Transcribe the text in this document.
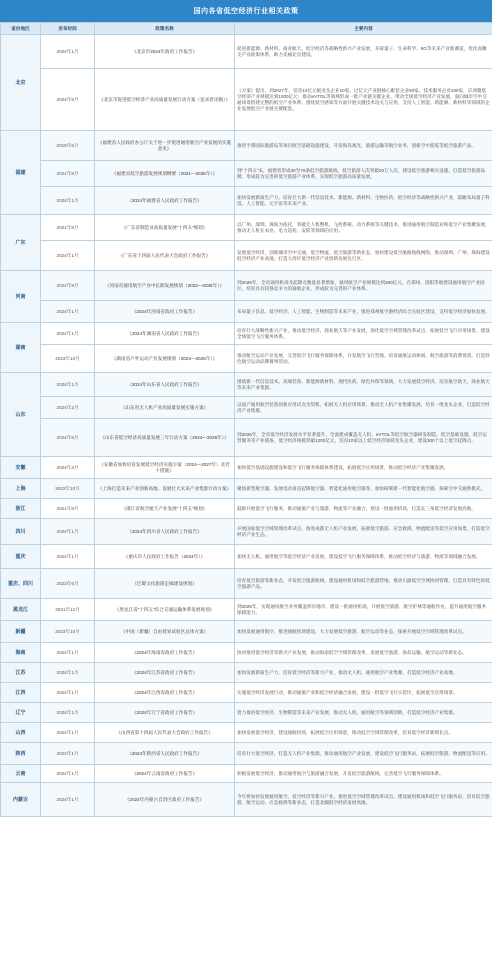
国内各省低空经济行业相关政策
省份地区	发布时间	政策名称	主要内容
北京	2024年1月	《北京市2024年政府工作报告》	促进新能源、新材料、商业航天、低空经济等战略性新兴产业发展，开辟量子、生命科学、6G等未来产业新赛道，优化高精尖产业政策体系，助力美丽北京建设。
	2024年5月	《北京市促进低空经济产业高质量发展行动方案（征求意见稿）》	《方案》提出，到2027年，培育10亿元级龙头企业10家、过亿元产业链核心配套企业50家、技术服务企业100家，京津冀低空经济产业规模达到1000亿元；推动eVTOL等领域形成一批产业链关键企业，带动全国低空经济产业发展，面向城市空中交通场景搭建完整的低空产业体系；围绕低空感知等方面开展关键技术攻关与应用，支持人工智能、新能源、新材料等领域的企业发展低空产业链关键配套。
福建	2019年6月	《福建省人民政府办公厅关于进一步促进通用航空产业发展的实施意见》	推进平潭国际旅游岛等项目航空基础设施建设，开发海岛观光、旅游运输等航空业务，创新空中游览等低空旅游产品。
	2021年8月	《福建省低空旅游发展规划纲要（2021—2035年）》	到“十四五”末，福建省形成30至70条低空旅游航线，低空旅游人次突破20万人次，建设低空旅游相关设施，打造低空旅游品牌，形成较为完善的低空旅游产业体系，实现低空旅游高质量发展。
	2024年1月	《2024年福建省人民政府工作报告》	加快发展新质生产力，培育壮大新一代信息技术、新能源、新材料、生物医药、低空经济等战略性新兴产业，前瞻布局量子科技、人工智能、元宇宙等未来产业。
广东	2021年8月	《广东省制造业高质量发展“十四五”规划》	以广州、深圳、珠海为依托，突破无人机整机、飞控系统、动力系统等关键技术，推进通用航空制造业和低空产业集聚发展，推动无人机在农业、电力巡检、安防等领域的应用。
	2024年1月	《广东省十四届人民代表大会政府工作报告》	发展低空经济，创新城市空中交通、低空物流、低空旅游等新业态，加快建设低空航路航线网络，推动深圳、广州、珠海建设低空经济产业高地，打造大湾区低空经济产业创新发展先行区。
河南	2022年9月	《河南省通用航空产业中长期发展规划（2022—2035年）》	到2025年，全省通用机场及起降点数量显著增加，通用航空产业规模达到300亿元，在郑州、洛阳等地建设通用航空产业园区，培育具有较强竞争力的通航企业，形成较为完善的产业体系。
	2024年1月	《2024年河南省政府工作报告》	布局量子信息、低空经济、人工智能、生物制造等未来产业，推进郑州航空港经济综合实验区建设，支持低空经济加快发展。
湖南	2024年1月	《2024年湖南省人民政府工作报告》	培育壮大战略性新兴产业，推动低空经济、商业航天等产业发展，深化低空空域管理改革试点，拓展低空飞行应用场景，建设全域低空飞行服务体系。
	2023年10月	《湖南省户外运动产业发展规划（2023—2025年）》	推动航空运动产业发展，完善低空飞行服务保障体系，开发航空飞行营地，培育通航运动休闲、航空旅游等消费场景，打造特色航空运动品牌赛事活动。
山东	2024年1月	《2024年山东省人民政府工作报告》	围绕新一代信息技术、高端装备、新能源新材料、现代医药、绿色环保等领域，大力发展低空经济，培育航空航天、商业航天等未来产业集群。
	2024年2月	《山东省无人机产业高质量发展实施方案》	以国产通用航空装备创新应用试点为契机，拓展无人机应用场景，推动无人机产业集聚发展，培育一批龙头企业，打造低空经济产业集群。
	2024年6月	《山东省低空经济高质量发展三年行动方案（2024—2026年）》	到2026年，全省低空经济发展水平显著提升，全面建成覆盖无人机、eVTOL等低空航空器研发制造、低空基础设施、低空运营服务等产业链条，低空经济规模突破1200亿元，培育10家以上低空经济领域龙头企业，建设300个以上低空起降点。
安徽	2024年4月	《安徽省加快培育发展低空经济实施方案（2024—2027年）及若干措施》	加快低空基础设施建设和低空飞行服务保障体系建设，拓展低空应用场景，推动低空经济产业集聚发展。
上海	2022年10月	《上海打造未来产业创新高地、发展壮大未来产业集群行动方案》	聚焦新型航空器，发展电动垂直起降航空器、智能化通用航空器等，加快研制新一代智能化航空器，探索空中交通新模式。
浙江	2021年6月	《浙江省航空航天产业发展“十四五”规划》	鼓励开展低空飞行服务，推动通航产业与旅游、物流等产业融合，建设一批通用机场，打造长三角低空经济发展高地。
四川	2024年1月	《2024年四川省人民政府工作报告》	开展国家低空空域管理改革试点，推进成都无人机产业发展，拓展低空旅游、应急救援、物流配送等低空应用场景，打造低空经济产业生态。
重庆	2024年1月	《重庆市人民政府工作报告（2024年）》	加快无人机、通用航空等低空经济产业发展，建设低空飞行服务保障体系，推动低空经济与旅游、物流等领域融合发展。
重庆、四川	2023年6月	《巴蜀文化旅游走廊建设规划》	培育低空旅游等新业态，开发低空旅游航线，建设通用机场和低空旅游营地，推动川渝低空空域协同管理，打造具有特色的低空旅游产品。
黑龙江	2021年12月	《黑龙江省“十四五”综合交通运输体系发展规划》	到2025年，实现通用航空业务覆盖所有地市，建设一批通用机场，开展低空旅游、航空护林等通航作业，提升通用航空服务保障能力。
新疆	2023年10月	《中国（新疆）自由贸易试验区总体方案》	加快发展通用航空，推进通航机场建设，大力发展低空旅游、航空运动等业态，探索开展低空空域管理改革试点。
海南	2024年1月	《2024年海南省政府工作报告》	协同推进低空经济等新兴产业发展，推动海南低空空域管理改革，发展低空旅游、海岛运输、航空运动等新业态。
江苏	2024年1月	《2024年江苏省政府工作报告》	加快发展新质生产力，培育低空经济等新兴产业，推动无人机、通用航空产业集聚，打造低空经济产业高地。
江西	2024年1月	《2024年江西省政府工作报告》	实施低空经济发展行动，推动通航产业和低空经济融合发展，建设一批低空飞行示范区，拓展低空应用场景。
辽宁	2024年1月	《2024年辽宁省政府工作报告》	着力推进低空经济、生物制造等未来产业发展，推动无人机、通用航空等领域创新，打造低空经济产业集群。
山西	2024年1月	《山西省第十四届人民代表大会政府工作报告》	加快发展低空经济，建设通航机场，拓展低空应用场景，推动低空空域管理改革，培育低空经济新增长点。
陕西	2024年1月	《2024年陕西省人民政府工作报告》	培育壮大低空经济，打造无人机产业集群，推动通用航空产业发展，建设低空飞行服务站，拓展低空旅游、物流配送等应用。
云南	2024年1月	《2024年云南省政府工作报告》	积极发展低空经济，推动通用航空与旅游融合发展，开发低空旅游航线，完善低空飞行服务保障体系。
内蒙古	2024年1月	《2024年内蒙古自治区政府工作报告》	今年将加快发展通用航空、低空经济等新兴产业，推进低空空域管理改革试点，建设通用机场和低空飞行服务站，培育低空旅游、航空运动、应急救援等新业态，打造北疆低空经济发展高地。
